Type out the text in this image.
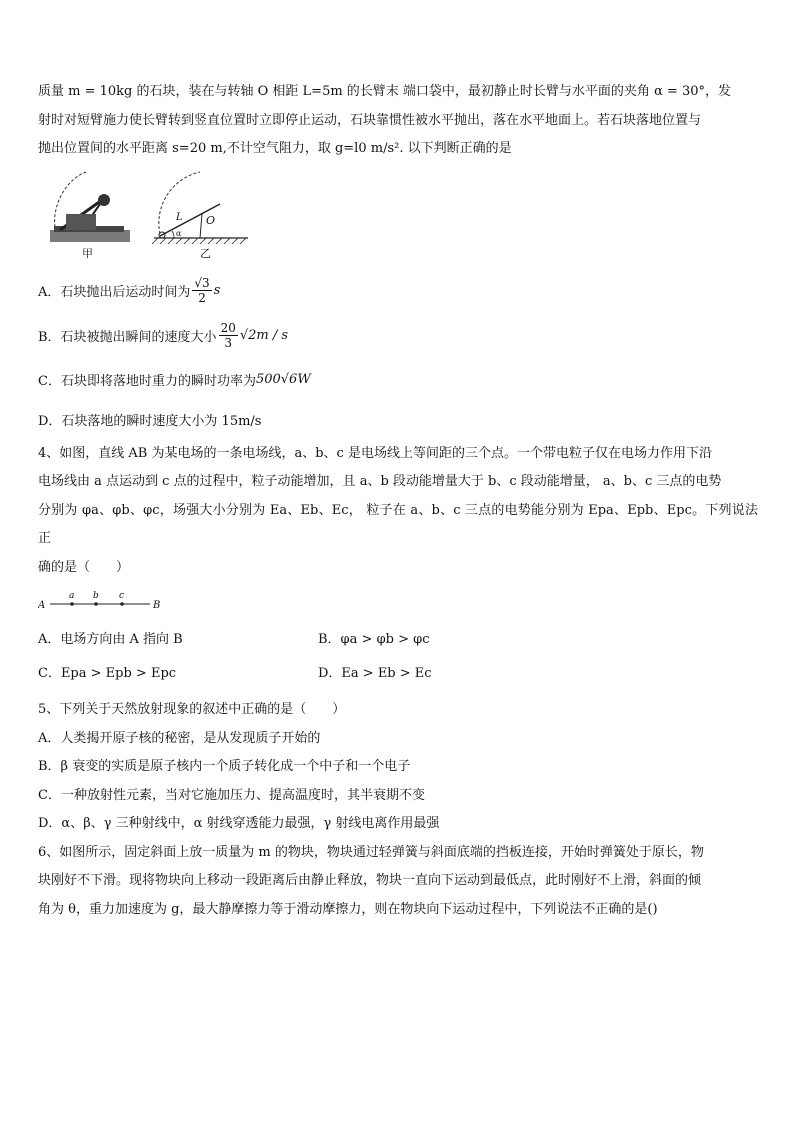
质量 m = 10kg 的石块，装在与转轴 O 相距 L=5m 的长臂末 端口袋中，最初静止时长臂与水平面的夹角 α = 30°，发

射时对短臂施力使长臂转到竖直位置时立即停止运动，石块靠惯性被水平抛出，落在水平地面上。若石块落地位置与

抛出位置间的水平距离 s=20 m,不计空气阻力，取 g=l0 m/s². 以下判断正确的是

甲
L O
α
乙
A．石块抛出后运动时间为 $\frac{√3}{2}$ s
B．石块被抛出瞬间的速度大小 $\frac{20}{3} √2m$ / s
C．石块即将落地时重力的瞬时功率为 500√6W
D．石块落地的瞬时速度大小为 15m/s

4、如图，直线 AB 为某电场的一条电场线，a、b、c 是电场线上等间距的三个点。一个带电粒子仅在电场力作用下沿

电场线由 a 点运动到 c 点的过程中，粒子动能增加，且 a、b 段动能增量大于 b、c 段动能增量， a、b、c 三点的电势

分别为 φa、φb、φc，场强大小分别为 Ea、Eb、Ec， 粒子在 a、b、c 三点的电势能分别为 Epa、Epb、Epc。下列说法正

确的是（　　）

A	B
a b c
A．电场方向由 A 指向 B	B．φa > φb > φc
C．Epa > Epb > Epc	D．Ea > Eb > Ec

5、下列关于天然放射现象的叙述中正确的是（　　）

A．人类揭开原子核的秘密，是从发现质子开始的

B．β 衰变的实质是原子核内一个质子转化成一个中子和一个电子

C．一种放射性元素，当对它施加压力、提高温度时，其半衰期不变

D．α、β、γ 三种射线中，α 射线穿透能力最强，γ 射线电离作用最强

6、如图所示，固定斜面上放一质量为 m 的物块，物块通过轻弹簧与斜面底端的挡板连接，开始时弹簧处于原长，物

块刚好不下滑。现将物块向上移动一段距离后由静止释放，物块一直向下运动到最低点，此时刚好不上滑，斜面的倾

角为 θ，重力加速度为 g，最大静摩擦力等于滑动摩擦力，则在物块向下运动过程中，下列说法不正确的是()
